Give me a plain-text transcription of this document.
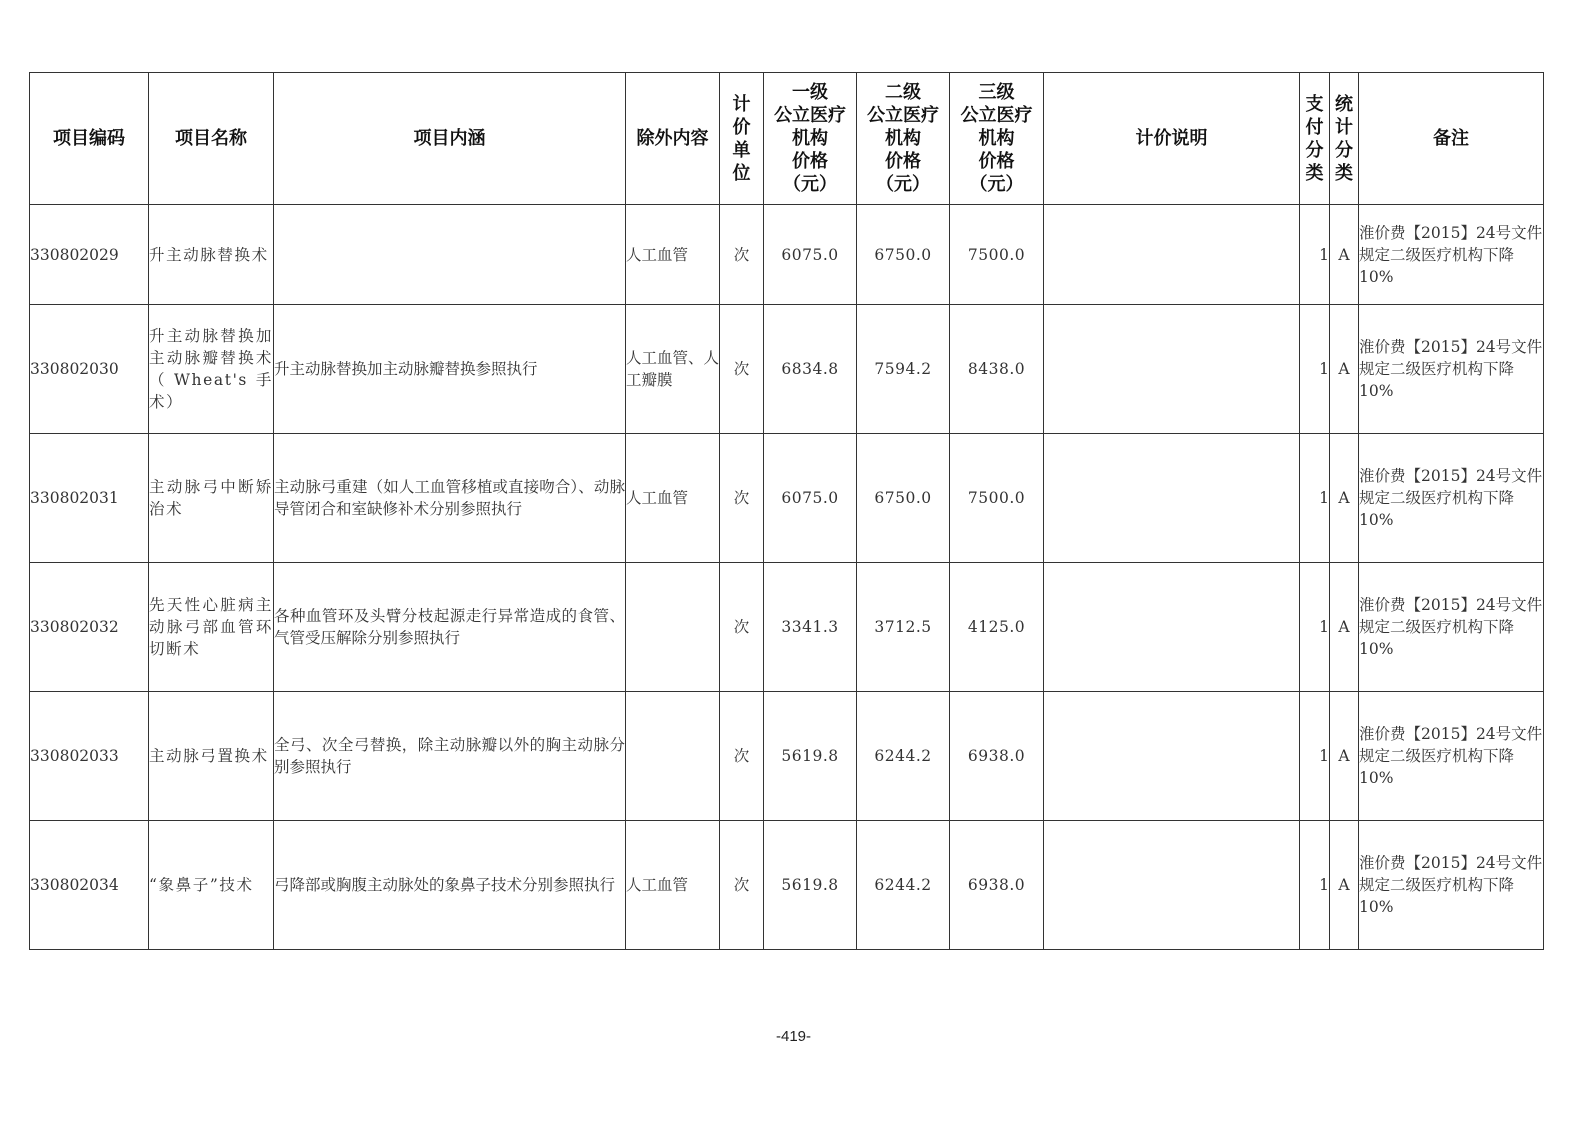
项目编码	项目名称	项目内涵	除外内容	计
价
单
位	一级
公立医疗
机构
价格
（元）	二级
公立医疗
机构
价格
（元）	三级
公立医疗
机构
价格
（元）	计价说明	支
付
分
类	统
计
分
类	备注
330802029	升主动脉替换术		人工血管	次	6075.0	6750.0	7500.0		1	A	淮价费【2015】24号文件规定二级医疗机构下降10%
330802030	升主动脉替换加主动脉瓣替换术（Wheat's手术）	升主动脉替换加主动脉瓣替换参照执行	人工血管、人工瓣膜	次	6834.8	7594.2	8438.0		1	A	淮价费【2015】24号文件规定二级医疗机构下降10%
330802031	主动脉弓中断矫治术	主动脉弓重建（如人工血管移植或直接吻合）、动脉导管闭合和室缺修补术分别参照执行	人工血管	次	6075.0	6750.0	7500.0		1	A	淮价费【2015】24号文件规定二级医疗机构下降10%
330802032	先天性心脏病主动脉弓部血管环切断术	各种血管环及头臂分枝起源走行异常造成的食管、气管受压解除分别参照执行		次	3341.3	3712.5	4125.0		1	A	淮价费【2015】24号文件规定二级医疗机构下降10%
330802033	主动脉弓置换术	全弓、次全弓替换，除主动脉瓣以外的胸主动脉分别参照执行		次	5619.8	6244.2	6938.0		1	A	淮价费【2015】24号文件规定二级医疗机构下降10%
330802034	“象鼻子”技术	弓降部或胸腹主动脉处的象鼻子技术分别参照执行	人工血管	次	5619.8	6244.2	6938.0		1	A	淮价费【2015】24号文件规定二级医疗机构下降10%
-419-
